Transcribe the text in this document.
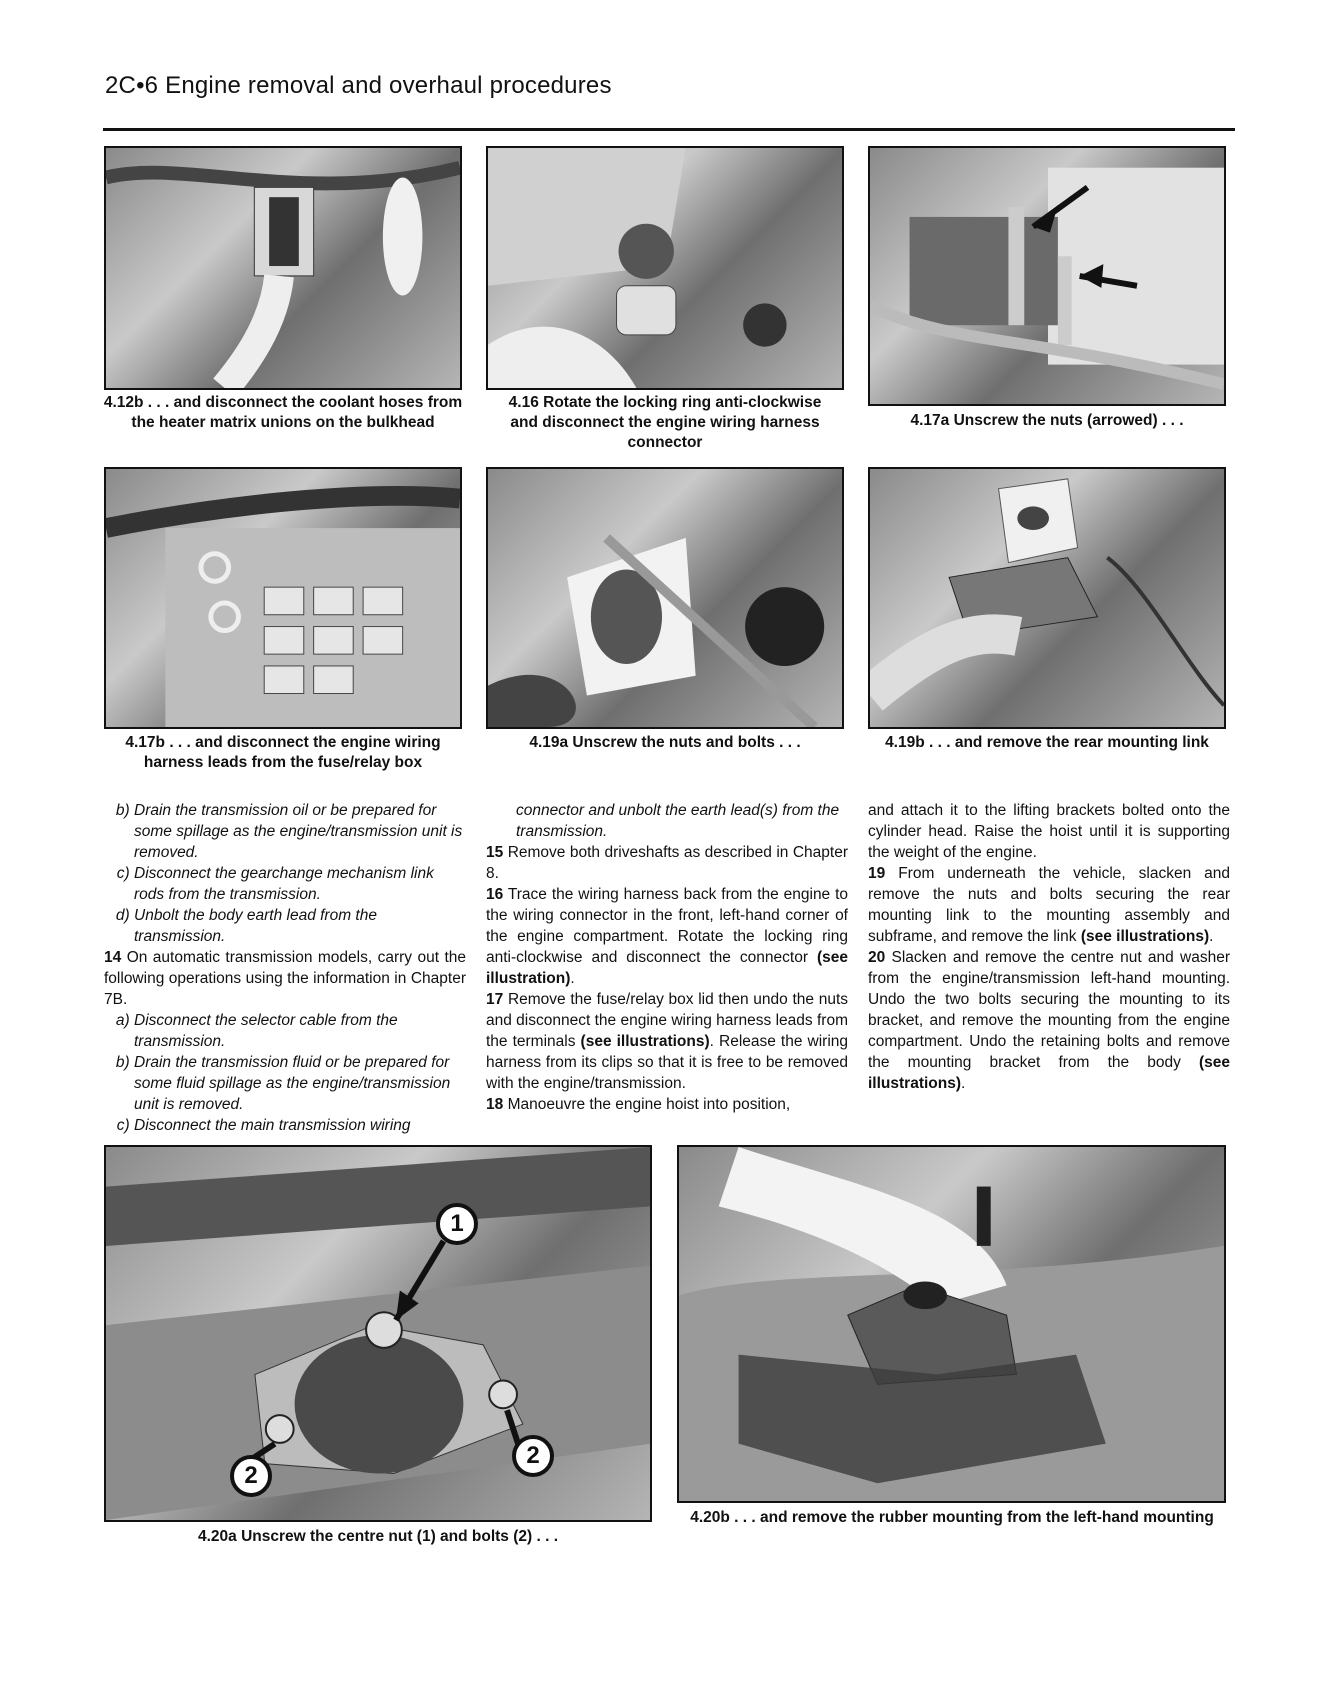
2C•6 Engine removal and overhaul procedures
4.12b . . . and disconnect the coolant hoses from the heater matrix unions on the bulkhead
4.16 Rotate the locking ring anti-clockwise and disconnect the engine wiring harness connector
4.17a Unscrew the nuts (arrowed) . . .
4.17b . . . and disconnect the engine wiring harness leads from the fuse/relay box
4.19a Unscrew the nuts and bolts . . .	4.19b . . . and remove the rear mounting link

b) Drain the transmission oil or be prepared for some spillage as the engine/transmission unit is removed.

c) Disconnect the gearchange mechanism link rods from the transmission.

d) Unbolt the body earth lead from the transmission.

14 On automatic transmission models, carry out the following operations using the information in Chapter 7B.

a) Disconnect the selector cable from the transmission.

b) Drain the transmission fluid or be prepared for some fluid spillage as the engine/transmission unit is removed.

c) Disconnect the main transmission wiring

connector and unbolt the earth lead(s) from the transmission.

15 Remove both driveshafts as described in Chapter 8.

16 Trace the wiring harness back from the engine to the wiring connector in the front, left-hand corner of the engine compartment. Rotate the locking ring anti-clockwise and disconnect the connector (see illustration).

17 Remove the fuse/relay box lid then undo the nuts and disconnect the engine wiring harness leads from the terminals (see illustrations). Release the wiring harness from its clips so that it is free to be removed with the engine/transmission.

18 Manoeuvre the engine hoist into position,

and attach it to the lifting brackets bolted onto the cylinder head. Raise the hoist until it is supporting the weight of the engine.

19 From underneath the vehicle, slacken and remove the nuts and bolts securing the rear mounting link to the mounting assembly and subframe, and remove the link (see illustrations).

20 Slacken and remove the centre nut and washer from the engine/transmission left-hand mounting. Undo the two bolts securing the mounting to its bracket, and remove the mounting from the engine compartment. Undo the retaining bolts and remove the mounting bracket from the body (see illustrations).

1
2
2
4.20a Unscrew the centre nut (1) and bolts (2) . . .
4.20b . . . and remove the rubber mounting from the left-hand mounting
